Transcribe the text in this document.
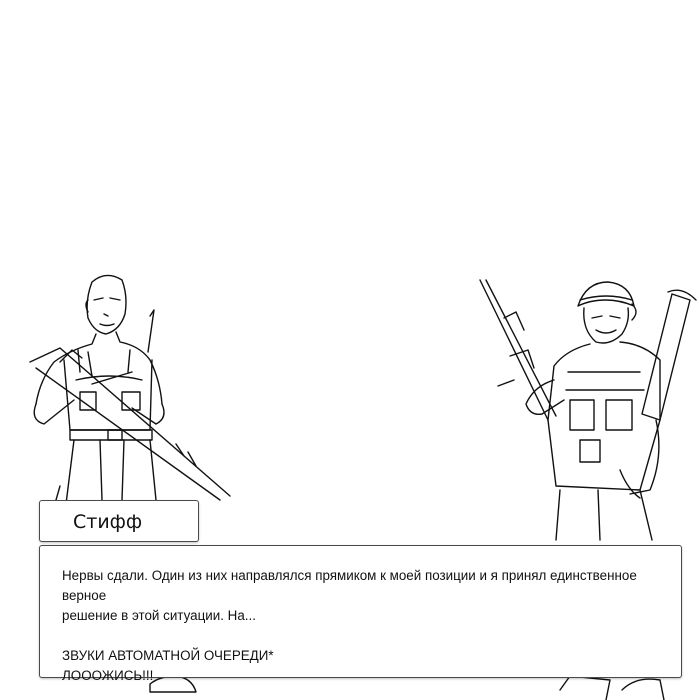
Стифф

Нервы сдали. Один из них направлялся прямиком к моей позиции и я принял единственное верное

решение в этой ситуации. На...

ЗВУКИ АВТОМАТНОЙ ОЧЕРЕДИ*

ЛОООЖИСЬ!!!
